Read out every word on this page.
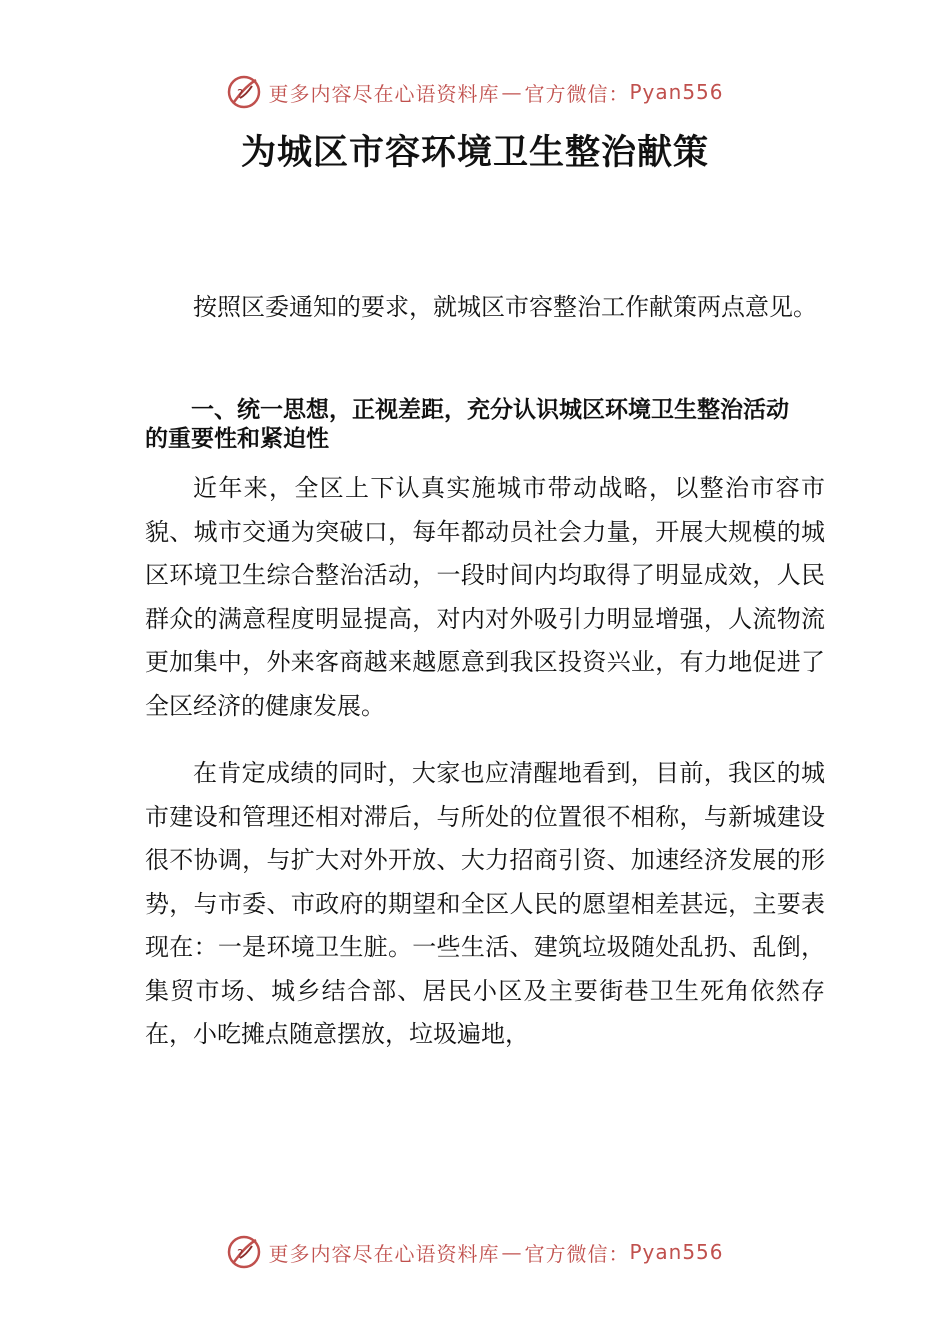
? 更多内容尽在心语资料库 — 官方微信： Pyan556
为城区市容环境卫生整治献策

按照区委通知的要求，就城区市容整治工作献策两点意见。

一、统一思想，正视差距，充分认识城区环境卫生整治活动的重要性和紧迫性

近年来，全区上下认真实施城市带动战略，以整治市容市貌、城市交通为突破口，每年都动员社会力量，开展大规模的城区环境卫生综合整治活动，一段时间内均取得了明显成效，人民群众的满意程度明显提高，对内对外吸引力明显增强，人流物流更加集中，外来客商越来越愿意到我区投资兴业，有力地促进了全区经济的健康发展。

在肯定成绩的同时，大家也应清醒地看到，目前，我区的城市建设和管理还相对滞后，与所处的位置很不相称，与新城建设很不协调，与扩大对外开放、大力招商引资、加速经济发展的形势，与市委、市政府的期望和全区人民的愿望相差甚远，主要表现在：一是环境卫生脏。一些生活、建筑垃圾随处乱扔、乱倒，集贸市场、城乡结合部、居民小区及主要街巷卫生死角依然存在，小吃摊点随意摆放，垃圾遍地，

? 更多内容尽在心语资料库 — 官方微信： Pyan556
